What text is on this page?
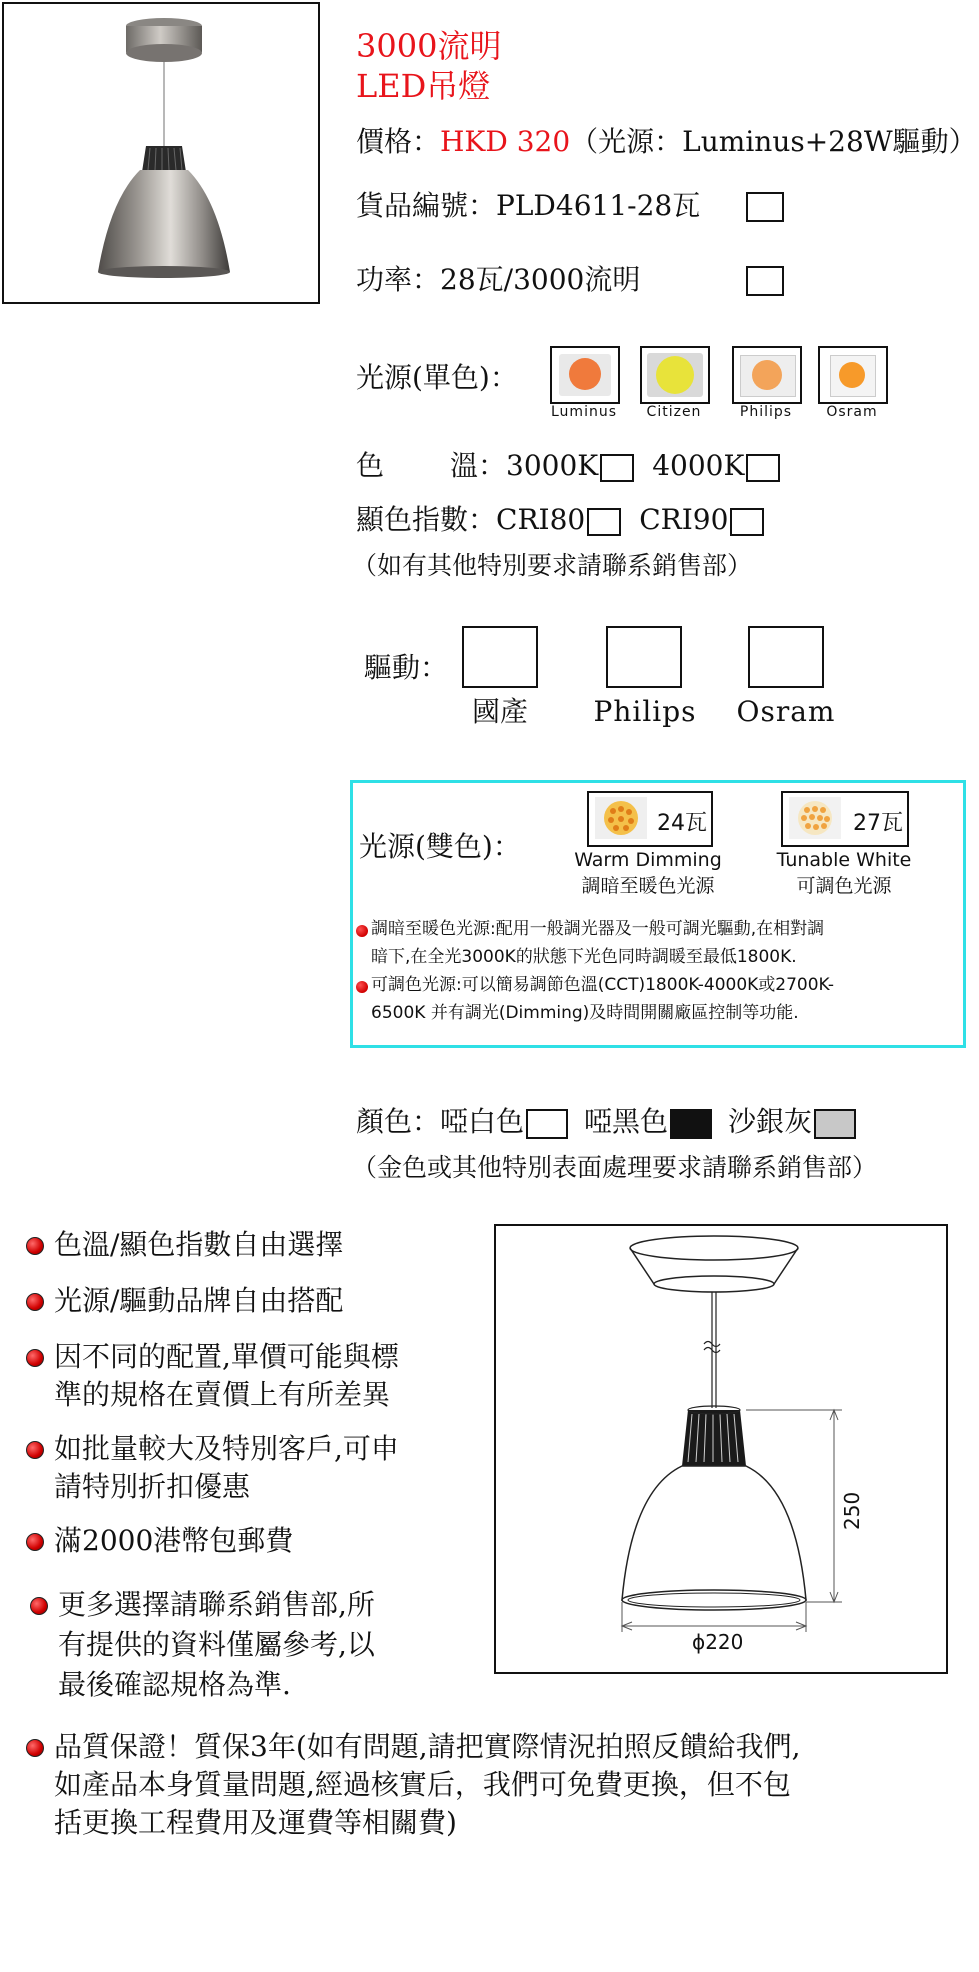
3000流明
LED吊燈
價格：HKD 320（光源：Luminus+28W驅動）
貨品編號：PLD4611-28瓦
功率：28瓦/3000流明
光源(單色)：
Luminus	Citizen	Philips	Osram
色 溫：3000K 4000K
顯色指數：CRI80 CRI90
（如有其他特別要求請聯系銷售部）
驅動：
國產	Philips	Osram
光源(雙色)：
24瓦
Warm Dimming
調暗至暖色光源
27瓦
Tunable White
可調色光源
調暗至暖色光源:配用一般調光器及一般可調光驅動,在相對調
暗下,在全光3000K的狀態下光色同時調暖至最低1800K.
可調色光源:可以簡易調節色溫(CCT)1800K-4000K或2700K-
6500K 并有調光(Dimming)及時間開關廠區控制等功能.
顏色：啞白色 啞黑色 沙銀灰
（金色或其他特別表面處理要求請聯系銷售部）
色溫/顯色指數自由選擇
光源/驅動品牌自由搭配
因不同的配置,單價可能與標
準的規格在賣價上有所差異
如批量較大及特別客戶,可申
請特別折扣優惠
滿2000港幣包郵費
更多選擇請聯系銷售部,所
有提供的資料僅屬參考,以
最後確認規格為準.
250
ϕ220
品質保證！質保3年(如有問題,請把實際情況拍照反饋給我們,
如產品本身質量問題,經過核實后，我們可免費更換，但不包
括更換工程費用及運費等相關費)
